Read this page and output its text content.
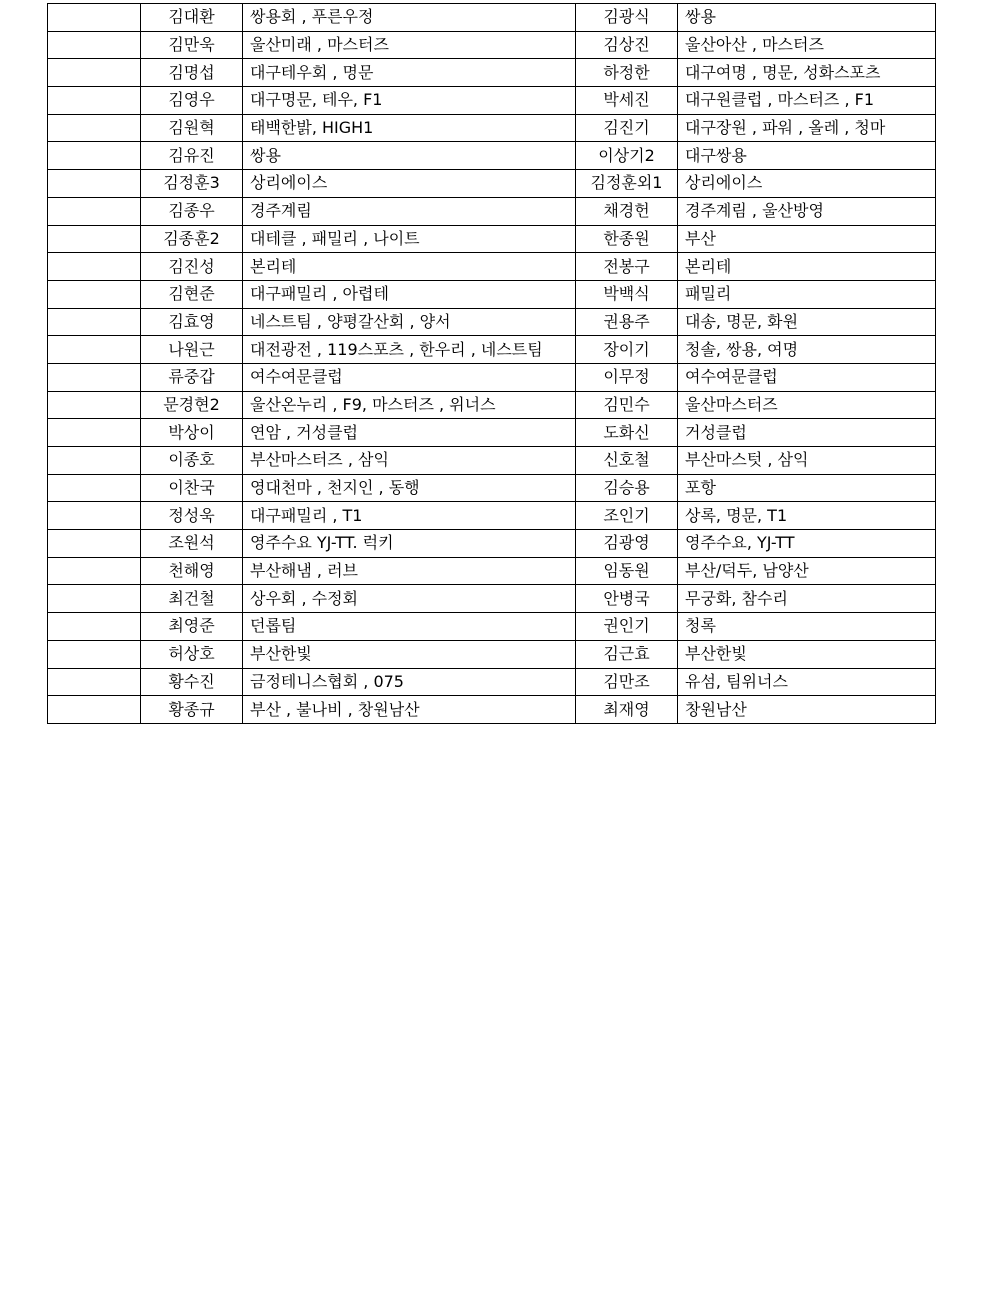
	김대환	쌍용회 , 푸른우정	김광식	쌍용
	김만욱	울산미래 , 마스터즈	김상진	울산아산 , 마스터즈
	김명섭	대구테우회 , 명문	하정한	대구여명 , 명문, 성화스포츠
	김영우	대구명문, 테우, F1	박세진	대구원클럽 , 마스터즈 , F1
	김원혁	태백한밝, HIGH1	김진기	대구장원 , 파워 , 올레 , 청마
	김유진	쌍용	이상기2	대구쌍용
	김정훈3	상리에이스	김정훈외1	상리에이스
	김종우	경주계림	채경헌	경주계림 , 울산방영
	김종훈2	대테클 , 패밀리 , 나이트	한종원	부산
	김진성	본리테	전봉구	본리테
	김현준	대구패밀리 , 아렵테	박백식	패밀리
	김효영	네스트팀 , 양평갈산회 , 양서	권용주	대송, 명문, 화원
	나원근	대전광전 , 119스포츠 , 한우리 , 네스트팀	장이기	청솔, 쌍용, 여명
	류중갑	여수여문클럽	이무정	여수여문클럽
	문경현2	울산온누리 , F9, 마스터즈 , 위너스	김민수	울산마스터즈
	박상이	연암 , 거성클럽	도화신	거성클럽
	이종호	부산마스터즈 , 삼익	신호철	부산마스텃 , 삼익
	이찬국	영대천마 , 천지인 , 동행	김승용	포항
	정성욱	대구패밀리 , T1	조인기	상록, 명문, T1
	조원석	영주수요 YJ-TT. 럭키	김광영	영주수요, YJ-TT
	천해영	부산해냄 , 러브	임동원	부산/덕두, 남양산
	최건철	상우회 , 수정회	안병국	무궁화, 참수리
	최영준	던롭팀	권인기	청록
	허상호	부산한빛	김근효	부산한빛
	황수진	금정테니스협회 , 075	김만조	유섬, 팀위너스
	황종규	부산 , 불나비 , 창원남산	최재영	창원남산
